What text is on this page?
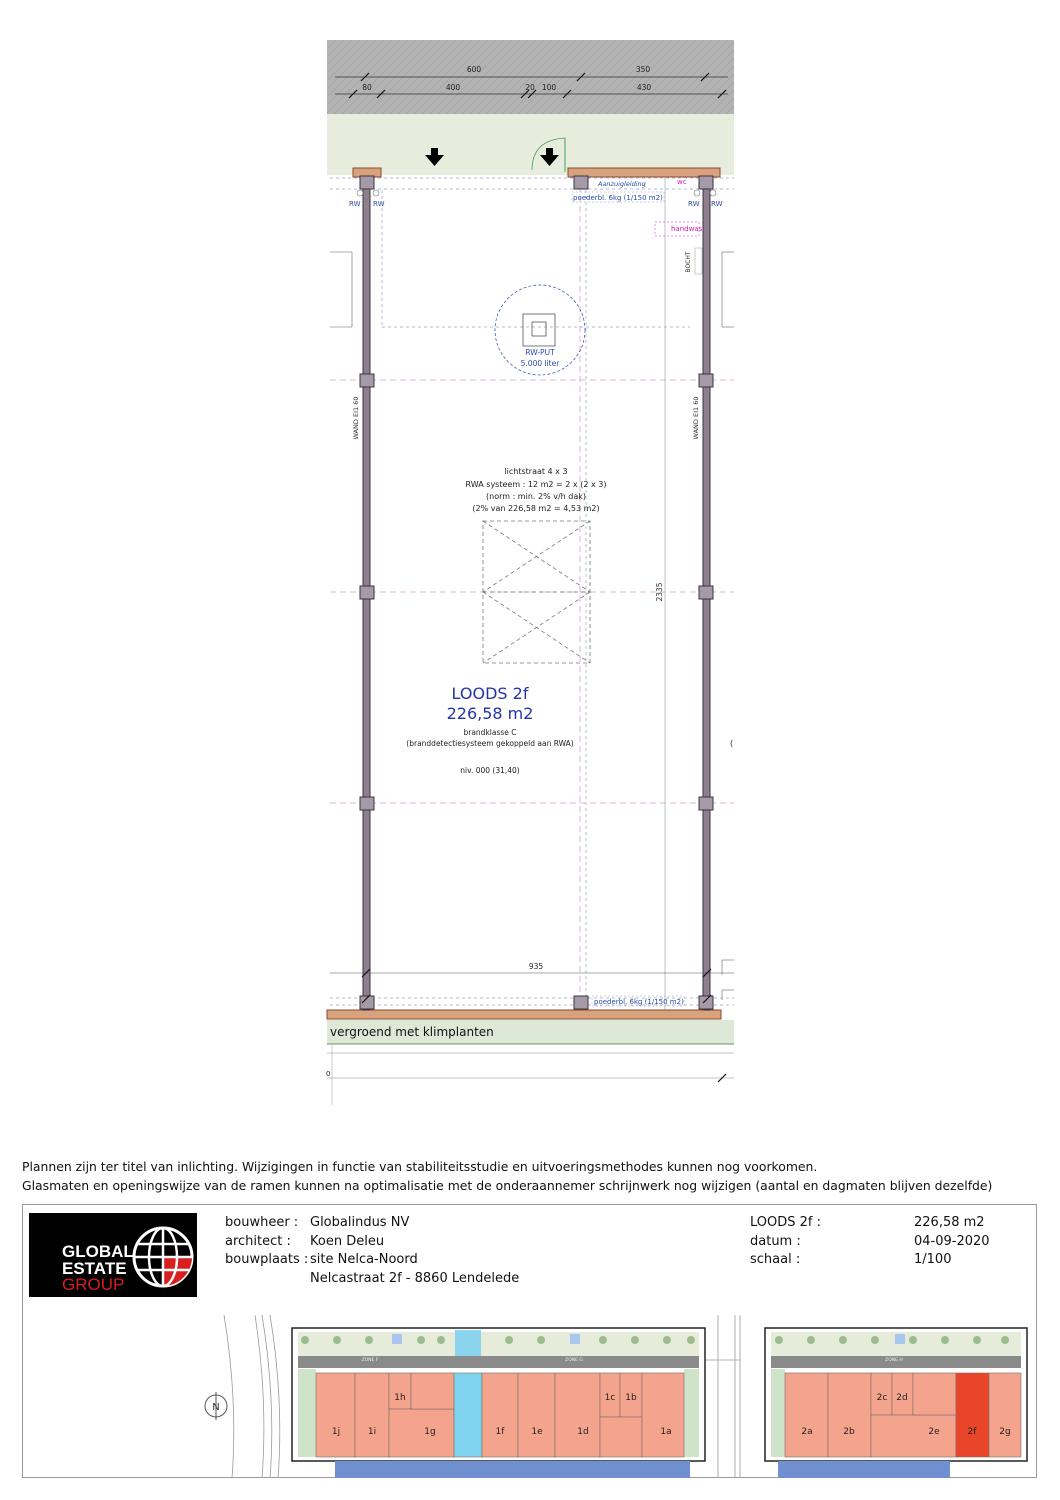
600	350
80	400	20 100	430
2335
RW RW	RW RW
Aanzuigleiding
poederbl. 6kg (1/150 m2)
wc
handwas
BOCHT
RW-PUT
5.000 liter
WAND EI1 60	WAND EI1 60
lichtstraat 4 x 3
RWA systeem : 12 m2 = 2 x (2 x 3)
(norm : min. 2% v/h dak)
(2% van 226,58 m2 = 4,53 m2)
LOODS 2f
226,58 m2
brandklasse C
(branddetectiesysteem gekoppeld aan RWA)
niv. 000 (31,40)
(
935
poederbl. 6kg (1/150 m2)
vergroend met klimplanten
0
Plannen zijn ter titel van inlichting. Wijzigingen in functie van stabiliteitsstudie en uitvoeringsmethodes kunnen nog voorkomen.
Glasmaten en openingswijze van de ramen kunnen na optimalisatie met de onderaannemer schrijnwerk nog wijzigen (aantal en dagmaten blijven dezelfde)
GLOBAL
ESTATE
GROUP
bouwheer : Globalindus NV
architect : Koen Deleu
bouwplaats : site Nelca-Noord
Nelcastraat 2f - 8860 Lendelede
LOODS 2f :	226,58 m2
datum :	04-09-2020
schaal :	1/100
N
ZONE F	ZONE G
1j	1i
1h
1g	1f	1e	1d
1c 1b
1a
ZONE H
2a	2b
2c 2d
2e	2f	2g
